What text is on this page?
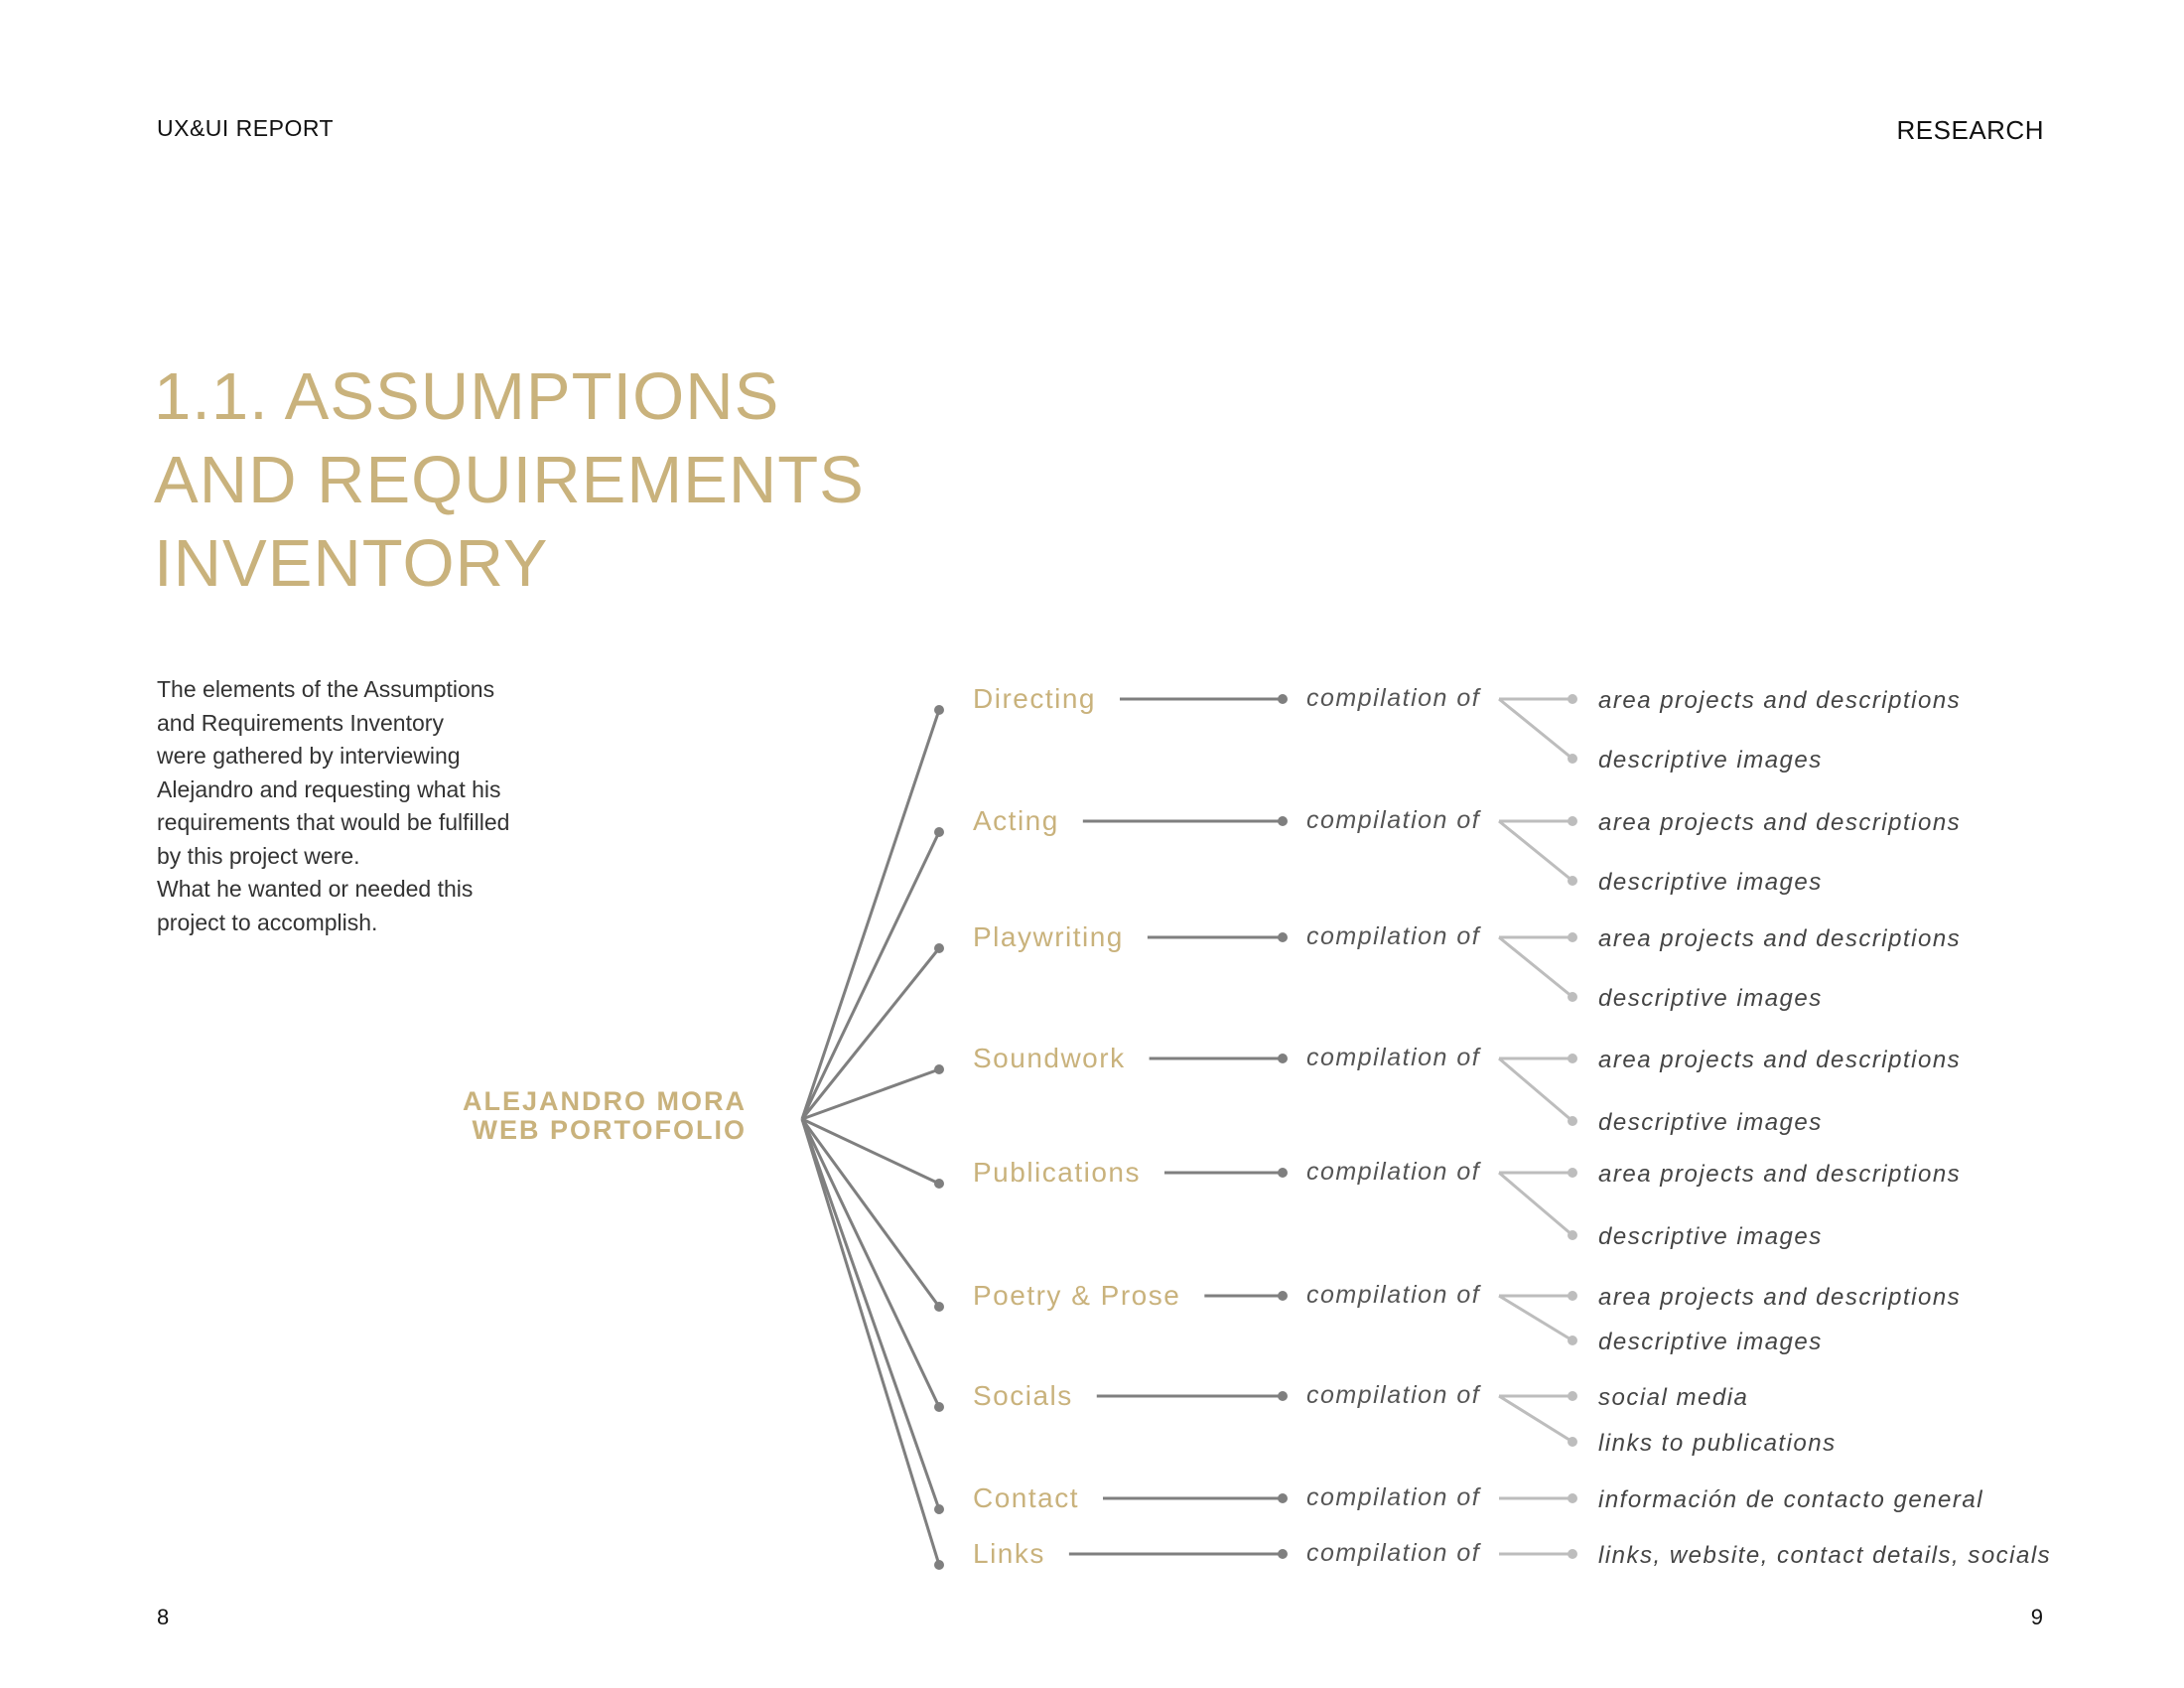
UX&UI REPORT	RESEARCH
1.1. ASSUMPTIONS
AND REQUIREMENTS
INVENTORY

The elements of the Assumptions
and Requirements Inventory
were gathered by interviewing
Alejandro and requesting what his
requirements that would be fulfilled
by this project were.
What he wanted or needed this
project to accomplish.

ALEJANDRO MORA
WEB PORTOFOLIO
Directing	compilation of	area projects and descriptions
descriptive images
Acting	compilation of	area projects and descriptions
descriptive images
Playwriting	compilation of	area projects and descriptions
descriptive images
Soundwork	compilation of	area projects and descriptions
descriptive images
Publications	compilation of	area projects and descriptions
descriptive images
Poetry & Prose	compilation of	area projects and descriptions
descriptive images
Socials	compilation of	social media
links to publications
Contact	compilation of	información de contacto general
Links	compilation of	links, website, contact details, socials
8	9
